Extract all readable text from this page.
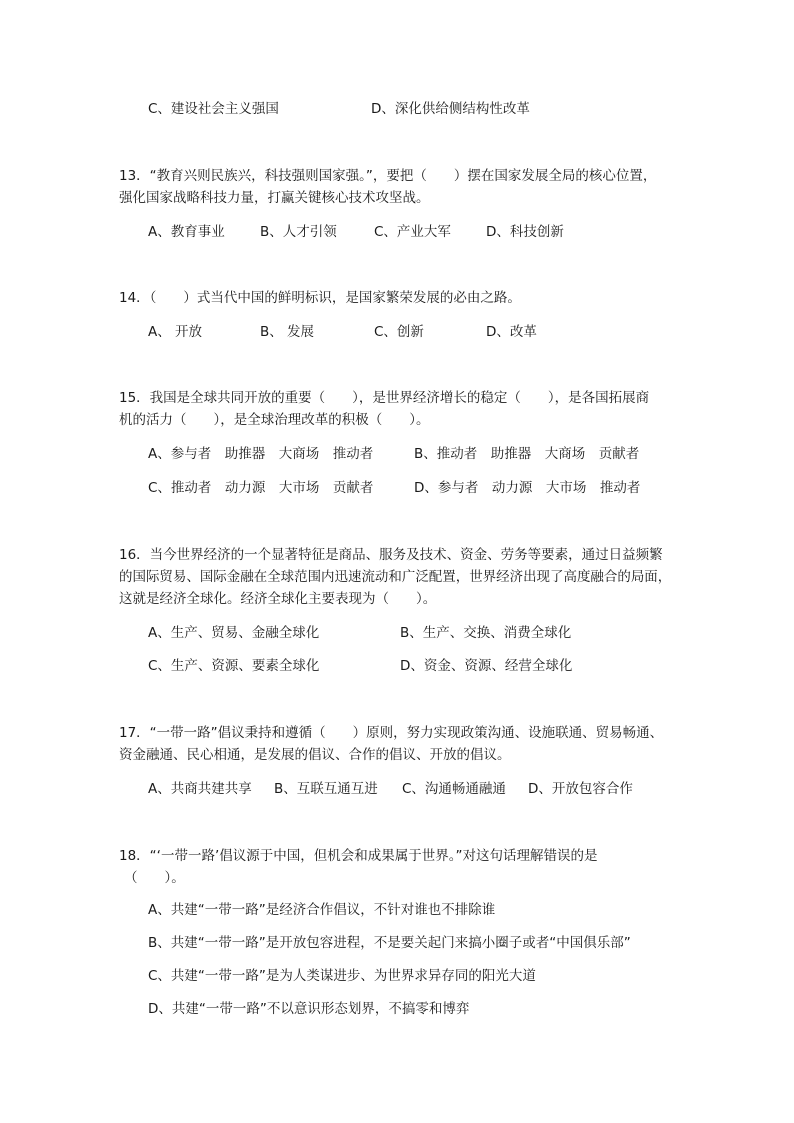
C、建设社会主义强国	D、深化供给侧结构性改革
13．“教育兴则民族兴，科技强则国家强。”，要把（　　）摆在国家发展全局的核心位置，
强化国家战略科技力量，打赢关键核心技术攻坚战。
A、教育事业	B、人才引领	C、产业大军	D、科技创新
14．（　　）式当代中国的鲜明标识，是国家繁荣发展的必由之路。
A、 开放	B、 发展	C、创新	D、改革
15．我国是全球共同开放的重要（　　），是世界经济增长的稳定（　　），是各国拓展商
机的活力（　　），是全球治理改革的积极（　　）。
A、参与者　助推器　大商场　推动者	B、推动者　助推器　大商场　贡献者
C、推动者　动力源　大市场　贡献者	D、参与者　动力源　大市场　推动者
16．当今世界经济的一个显著特征是商品、服务及技术、资金、劳务等要素，通过日益频繁
的国际贸易、国际金融在全球范围内迅速流动和广泛配置，世界经济出现了高度融合的局面，
这就是经济全球化。经济全球化主要表现为（　　）。
A、生产、贸易、金融全球化	B、生产、交换、消费全球化
C、生产、资源、要素全球化	D、资金、资源、经营全球化
17．“一带一路”倡议秉持和遵循（　　）原则，努力实现政策沟通、设施联通、贸易畅通、
资金融通、民心相通，是发展的倡议、合作的倡议、开放的倡议。
A、共商共建共享 B、互联互通互进 C、沟通畅通融通 D、开放包容合作
18．“‘一带一路’倡议源于中国，但机会和成果属于世界。”对这句话理解错误的是
（　　）。
A、共建“一带一路”是经济合作倡议，不针对谁也不排除谁
B、共建“一带一路”是开放包容进程，不是要关起门来搞小圈子或者“中国俱乐部”
C、共建“一带一路”是为人类谋进步、为世界求异存同的阳光大道
D、共建“一带一路”不以意识形态划界，不搞零和博弈
